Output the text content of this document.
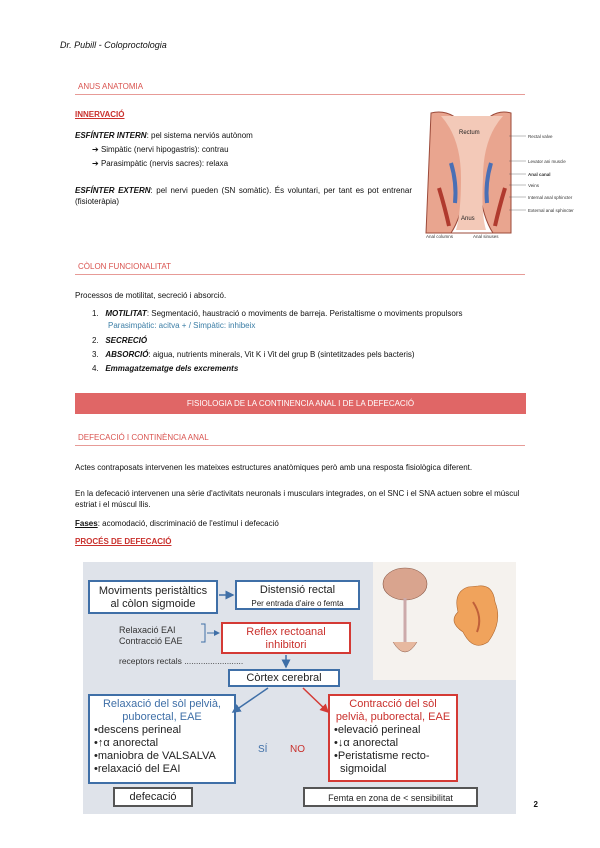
Dr. Pubill - Coloproctologia
ANUS ANATOMIA
INNERVACIÓ
ESFÍNTER INTERN: pel sistema nerviós autònom
➔ Simpàtic (nervi hipogastris): contrau
➔ Parasimpàtic (nervis sacres): relaxa
ESFÍNTER EXTERN: pel nervi pueden (SN somàtic). És voluntari, per tant es pot entrenar (fisioteràpia)
Rectum
Anus
Rectal valve
Levator ani muscle
Anal canal
Veins
Internal anal sphincter
External anal sphincter
Anal columns	Anal sinuses
CÒLON FUNCIONALITAT
Processos de motilitat, secreció i absorció.
1. MOTILITAT: Segmentació, haustració o moviments de barreja. Peristaltisme o moviments propulsors
Parasimpàtic: acitva + / Simpàtic: inhibeix
2. SECRECIÓ
3. ABSORCIÓ: aigua, nutrients minerals, Vit K i Vit del grup B (sintetitzades pels bacteris)
4. Emmagatzematge dels excrements
FISIOLOGIA DE LA CONTINENCIA ANAL I DE LA DEFECACIÓ
DEFECACIÓ I CONTINÈNCIA ANAL
Actes contraposats intervenen les mateixes estructures anatòmiques però amb una resposta fisiològica diferent.
En la defecació intervenen una sèrie d'activitats neuronals i musculars integrades, on el SNC i el SNA actuen sobre el múscul estriat i el múscul llis.
Fases: acomodació, discriminació de l'estímul i defecació
PROCÉS DE DEFECACIÓ
Moviments peristàltics
al còlon sigmoide
Distensió rectal
Per entrada d'aire o femta
Relaxació EAI
Contracció EAE
Reflex rectoanal
inhibitori
receptors rectals .........................
Còrtex cerebral
Relaxació del sòl pelvià,
puborectal, EAE
•descens perineal
•↑α anorectal
•maniobra de VALSALVA
•relaxació del EAI
SÍ NO
Contracció del sòl
pelvià, puborectal, EAE
•elevació perineal
•↓α anorectal
•Peristatisme recto-
sigmoidal
defecació	Femta en zona de < sensibilitat
2
